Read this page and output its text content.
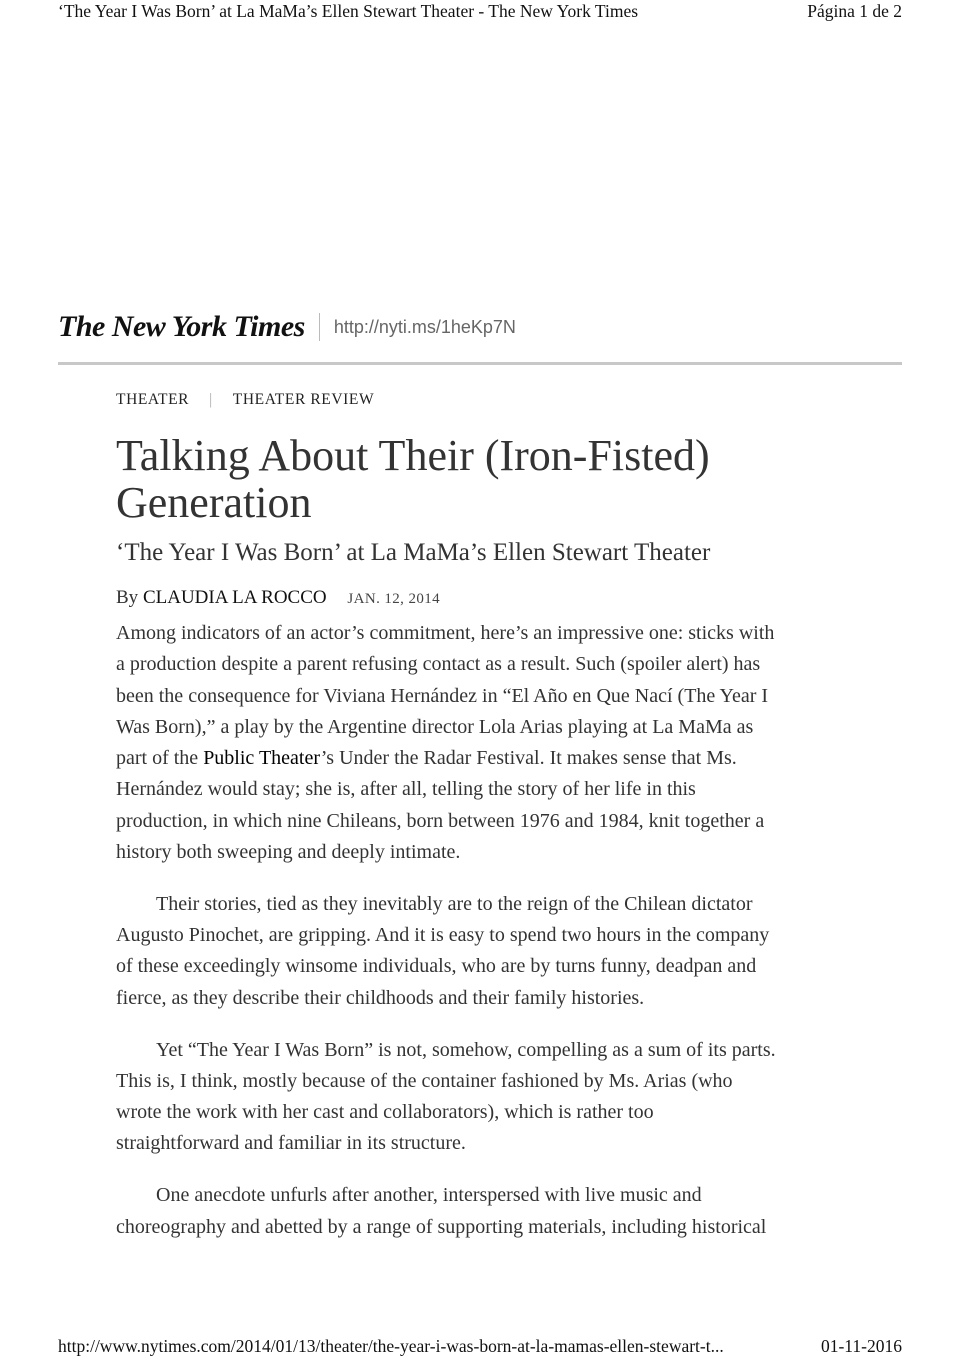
‘The Year I Was Born’ at La MaMa’s Ellen Stewart Theater - The New York Times	Página 1 de 2
The New York Times http://nyti.ms/1heKp7N
THEATER | THEATER REVIEW
Talking About Their (Iron-Fisted)
Generation
‘The Year I Was Born’ at La MaMa’s Ellen Stewart Theater
By CLAUDIA LA ROCCO JAN. 12, 2014
Among indicators of an actor’s commitment, here’s an impressive one: sticks with
a production despite a parent refusing contact as a result. Such (spoiler alert) has
been the consequence for Viviana Hernández in “El Año en Que Nací (The Year I
Was Born),” a play by the Argentine director Lola Arias playing at La MaMa as
part of the Public Theater’s Under the Radar Festival. It makes sense that Ms.
Hernández would stay; she is, after all, telling the story of her life in this
production, in which nine Chileans, born between 1976 and 1984, knit together a
history both sweeping and deeply intimate.
Their stories, tied as they inevitably are to the reign of the Chilean dictator
Augusto Pinochet, are gripping. And it is easy to spend two hours in the company
of these exceedingly winsome individuals, who are by turns funny, deadpan and
fierce, as they describe their childhoods and their family histories.
Yet “The Year I Was Born” is not, somehow, compelling as a sum of its parts.
This is, I think, mostly because of the container fashioned by Ms. Arias (who
wrote the work with her cast and collaborators), which is rather too
straightforward and familiar in its structure.
One anecdote unfurls after another, interspersed with live music and
choreography and abetted by a range of supporting materials, including historical
http://www.nytimes.com/2014/01/13/theater/the-year-i-was-born-at-la-mamas-ellen-stewart-t...	01-11-2016
